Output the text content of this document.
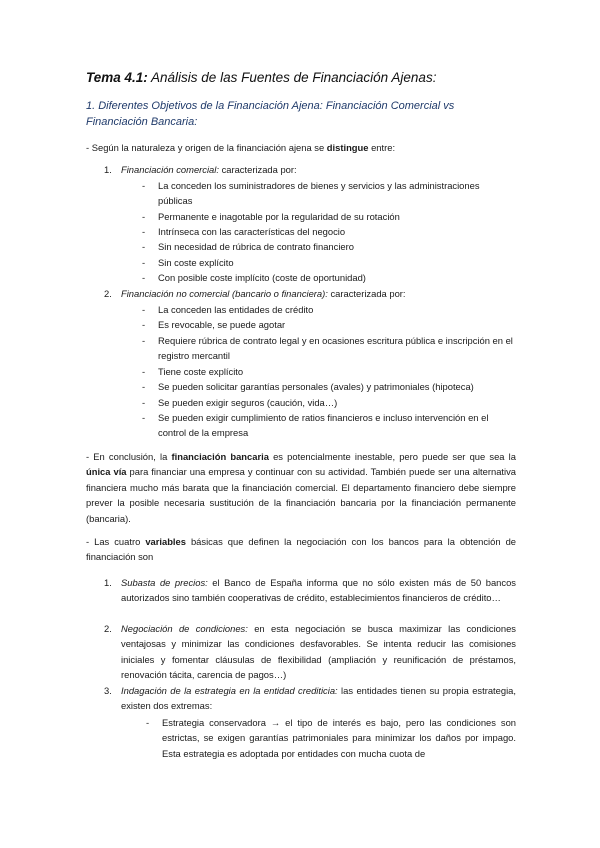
Tema 4.1: Análisis de las Fuentes de Financiación Ajenas:
1. Diferentes Objetivos de la Financiación Ajena: Financiación Comercial vs Financiación Bancaria:
- Según la naturaleza y origen de la financiación ajena se distingue entre:
1. Financiación comercial: caracterizada por:
-	La conceden los suministradores de bienes y servicios y las administraciones públicas
-	Permanente e inagotable por la regularidad de su rotación
-	Intrínseca con las características del negocio
-	Sin necesidad de rúbrica de contrato financiero
-	Sin coste explícito
-	Con posible coste implícito (coste de oportunidad)
2. Financiación no comercial (bancario o financiera): caracterizada por:
-	La conceden las entidades de crédito
-	Es revocable, se puede agotar
-	Requiere rúbrica de contrato legal y en ocasiones escritura pública e inscripción en el registro mercantil
-	Tiene coste explícito
-	Se pueden solicitar garantías personales (avales) y patrimoniales (hipoteca)
-	Se pueden exigir seguros (caución, vida…)
-	Se pueden exigir cumplimiento de ratios financieros e incluso intervención en el control de la empresa
- En conclusión, la financiación bancaria es potencialmente inestable, pero puede ser que sea la única vía para financiar una empresa y continuar con su actividad. También puede ser una alternativa financiera mucho más barata que la financiación comercial. El departamento financiero debe siempre prever la posible necesaria sustitución de la financiación bancaria por la financiación permanente (bancaria).
- Las cuatro variables básicas que definen la negociación con los bancos para la obtención de financiación son
1. Subasta de precios: el Banco de España informa que no sólo existen más de 50 bancos autorizados sino también cooperativas de crédito, establecimientos financieros de crédito…
2. Negociación de condiciones: en esta negociación se busca maximizar las condiciones ventajosas y minimizar las condiciones desfavorables. Se intenta reducir las comisiones iniciales y fomentar cláusulas de flexibilidad (ampliación y reunificación de préstamos, renovación tácita, carencia de pagos…)
3. Indagación de la estrategia en la entidad crediticia: las entidades tienen su propia estrategia, existen dos extremas:
-	Estrategia conservadora → el tipo de interés es bajo, pero las condiciones son estrictas, se exigen garantías patrimoniales para minimizar los daños por impago. Esta estrategia es adoptada por entidades con mucha cuota de
